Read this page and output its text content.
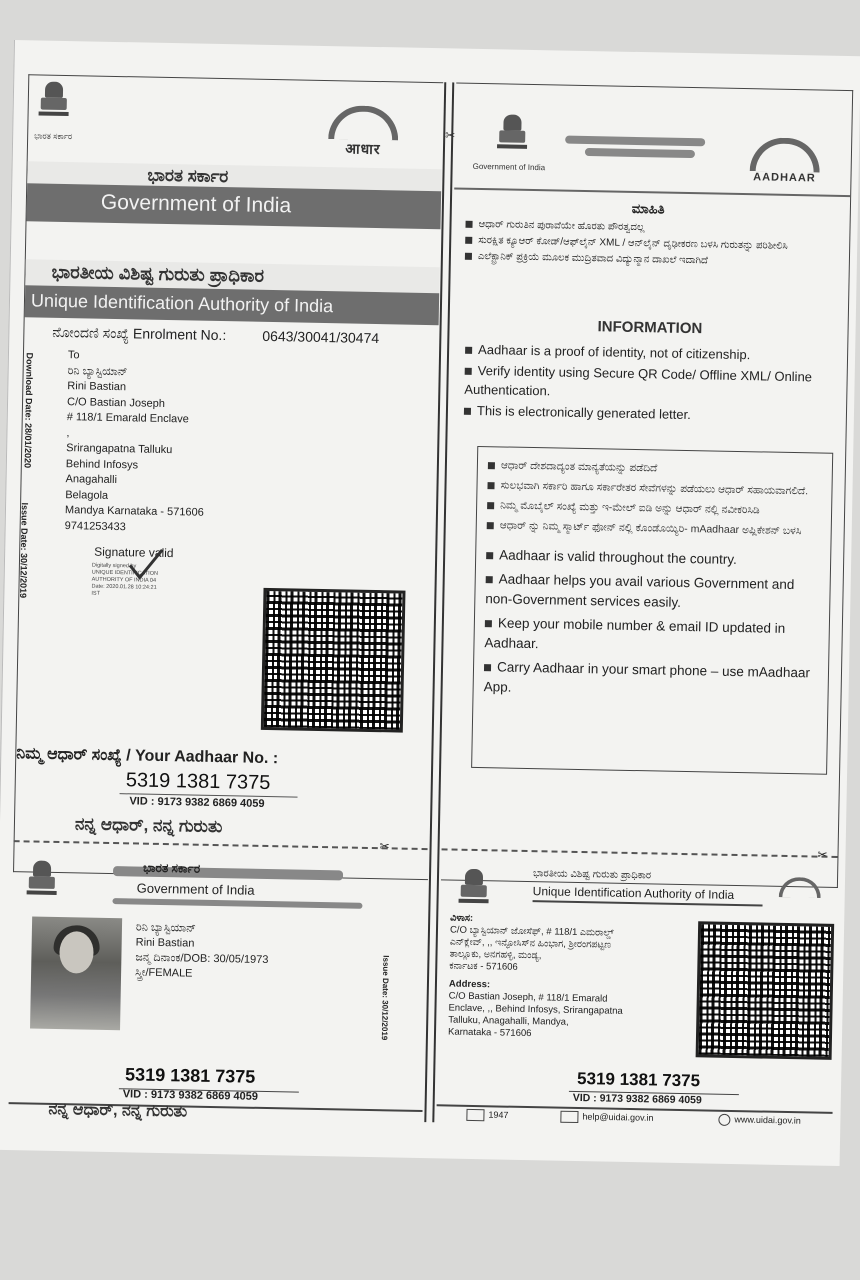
ಭಾರತ ಸರ್ಕಾರ
आधार
ಭಾರತ ಸರ್ಕಾರ
Government of India
ಭಾರತೀಯ ವಿಶಿಷ್ಟ ಗುರುತು ಪ್ರಾಧಿಕಾರ
Unique Identification Authority of India
ನೋಂದಣಿ ಸಂಖ್ಯೆ Enrolment No.:	0643/30041/30474
Download Date: 28/01/2020
Issue Date: 30/12/2019
To
ರಿನಿ ಬ್ಯಾಸ್ಟಿಯಾನ್
Rini Bastian
C/O Bastian Joseph
# 118/1 Emarald Enclave
,
Srirangapatna Talluku
Behind Infosys
Anagahalli
Belagola
Mandya Karnataka - 571606
9741253433
Signature valid
Digitally signed by
UNIQUE IDENTIFICATION
AUTHORITY OF INDIA 04
Date: 2020.01.28 10:24:21
IST
ನಿಮ್ಮ ಆಧಾರ್ ಸಂಖ್ಯೆ / Your Aadhaar No. :
5319 1381 7375
VID : 9173 9382 6869 4059
ನನ್ನ ಆಧಾರ್, ನನ್ನ ಗುರುತು
✂
Government of India
AADHAAR
ಮಾಹಿತಿ
ಆಧಾರ್ ಗುರುತಿನ ಪುರಾವೆಯೇ ಹೊರತು ಪೌರತ್ವದಲ್ಲ
ಸುರಕ್ಷಿತ ಕ್ಯೂಆರ್ ಕೋಡ್/ಆಫ್‌ಲೈನ್ XML / ಆನ್‌ಲೈನ್ ದೃಢೀಕರಣ ಬಳಸಿ ಗುರುತನ್ನು ಪರಿಶೀಲಿಸಿ
ಎಲೆಕ್ಟ್ರಾನಿಕ್ ಪ್ರಕ್ರಿಯೆ ಮೂಲಕ ಮುದ್ರಿತವಾದ ವಿದ್ಯುನ್ಮಾನ ದಾಖಲೆ ಇದಾಗಿದೆ
INFORMATION
Aadhaar is a proof of identity, not of citizenship.
Verify identity using Secure QR Code/ Offline XML/ Online Authentication.
This is electronically generated letter.
ಆಧಾರ್ ದೇಶದಾದ್ಯಂತ ಮಾನ್ಯತೆಯನ್ನು ಪಡೆದಿದೆ
ಸುಲಭವಾಗಿ ಸರ್ಕಾರಿ ಹಾಗೂ ಸರ್ಕಾರೇತರ ಸೇವೆಗಳನ್ನು ಪಡೆಯಲು ಆಧಾರ್ ಸಹಾಯವಾಗಲಿದೆ.
ನಿಮ್ಮ ಮೊಬೈಲ್ ಸಂಖ್ಯೆ ಮತ್ತು ಇ-ಮೇಲ್ ಐಡಿ ಅನ್ನು ಆಧಾರ್ ನಲ್ಲಿ ನವೀಕರಿಸಿಡಿ
ಆಧಾರ್ ನ್ನು ನಿಮ್ಮ ಸ್ಮಾರ್ಟ್ ಫೋನ್ ನಲ್ಲಿ ಕೊಂಡೊಯ್ಯಿರಿ- mAadhaar ಅಪ್ಲಿಕೇಶನ್ ಬಳಸಿ
Aadhaar is valid throughout the country.
Aadhaar helps you avail various Government and non-Government services easily.
Keep your mobile number & email ID updated in Aadhaar.
Carry Aadhaar in your smart phone – use mAadhaar App.
✂
✂
ಭಾರತ ಸರ್ಕಾರ
Government of India
ರಿನಿ ಬ್ಯಾಸ್ಟಿಯಾನ್
Rini Bastian
ಜನ್ಮ ದಿನಾಂಕ/DOB: 30/05/1973
ಸ್ತ್ರೀ/FEMALE	Issue Date: 30/12/2019
5319 1381 7375
VID : 9173 9382 6869 4059
ನನ್ನ ಆಧಾರ್, ನನ್ನ ಗುರುತು
ಭಾರತೀಯ ವಿಶಿಷ್ಟ ಗುರುತು ಪ್ರಾಧಿಕಾರ
Unique Identification Authority of India
ವಿಳಾಸ:
C/O ಬ್ಯಾಸ್ಟಿಯಾನ್ ಜೋಸೆಫ್, # 118/1 ಎಮರಾಲ್ಡ್
ಎನ್‌ಕ್ಲೇವ್, ,, ಇನ್ಫೋಸಿಸ್‌ನ ಹಿಂಭಾಗ, ಶ್ರೀರಂಗಪಟ್ಟಣ
ತಾಲ್ಲೂಕು, ಅನಗಹಳ್ಳಿ, ಮಂಡ್ಯ,
ಕರ್ನಾಟಕ - 571606
Address:
C/O Bastian Joseph, # 118/1 Emarald
Enclave, ,, Behind Infosys, Srirangapatna
Talluku, Anagahalli, Mandya,
Karnataka - 571606
5319 1381 7375
VID : 9173 9382 6869 4059
1947	help@uidai.gov.in	www.uidai.gov.in
